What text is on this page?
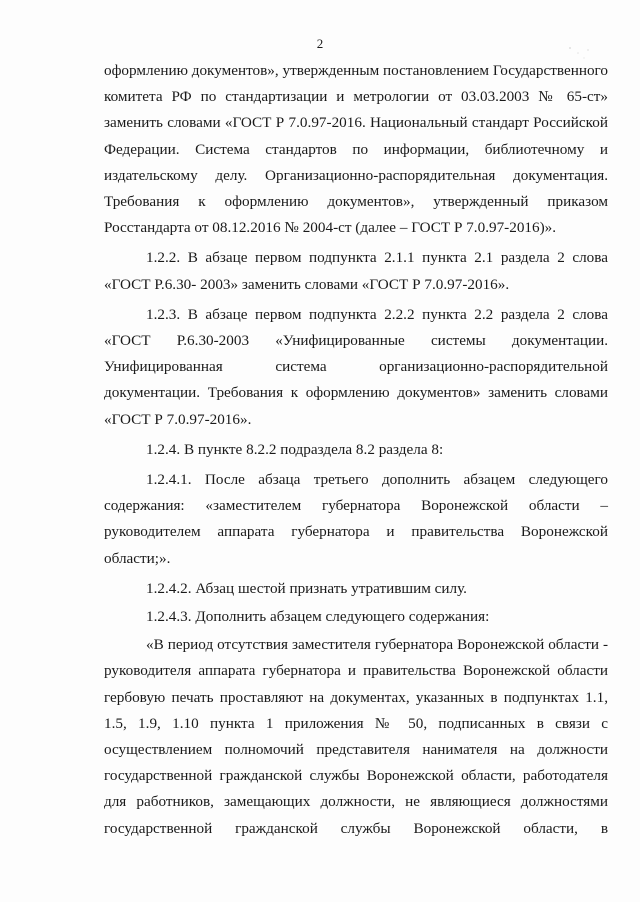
2
оформлению документов», утвержденным постановлением Государственного
комитета РФ по стандартизации и метрологии от 03.03.2003 № 65-ст»
заменить словами «ГОСТ Р 7.0.97-2016. Национальный стандарт Российской
Федерации. Система стандартов по информации, библиотечному и
издательскому делу. Организационно-распорядительная документация.
Требования к оформлению документов», утвержденный приказом
Росстандарта от 08.12.2016 № 2004-ст (далее – ГОСТ Р 7.0.97-2016)».
1.2.2. В абзаце первом подпункта 2.1.1 пункта 2.1 раздела 2 слова
«ГОСТ Р.6.30- 2003» заменить словами «ГОСТ Р 7.0.97-2016».
1.2.3. В абзаце первом подпункта 2.2.2 пункта 2.2 раздела 2 слова
«ГОСТ Р.6.30-2003 «Унифицированные системы документации.
Унифицированная система организационно-распорядительной
документации. Требования к оформлению документов» заменить словами
«ГОСТ Р 7.0.97-2016».
1.2.4. В пункте 8.2.2 подраздела 8.2 раздела 8:
1.2.4.1. После абзаца третьего дополнить абзацем следующего
содержания: «заместителем губернатора Воронежской области –
руководителем аппарата губернатора и правительства Воронежской
области;».
1.2.4.2. Абзац шестой признать утратившим силу.
1.2.4.3. Дополнить абзацем следующего содержания:
«В период отсутствия заместителя губернатора Воронежской области -
руководителя аппарата губернатора и правительства Воронежской области
гербовую печать проставляют на документах, указанных в подпунктах 1.1,
1.5, 1.9, 1.10 пункта 1 приложения № 50, подписанных в связи с
осуществлением полномочий представителя нанимателя на должности
государственной гражданской службы Воронежской области, работодателя
для работников, замещающих должности, не являющиеся должностями
государственной гражданской службы Воронежской области, в
